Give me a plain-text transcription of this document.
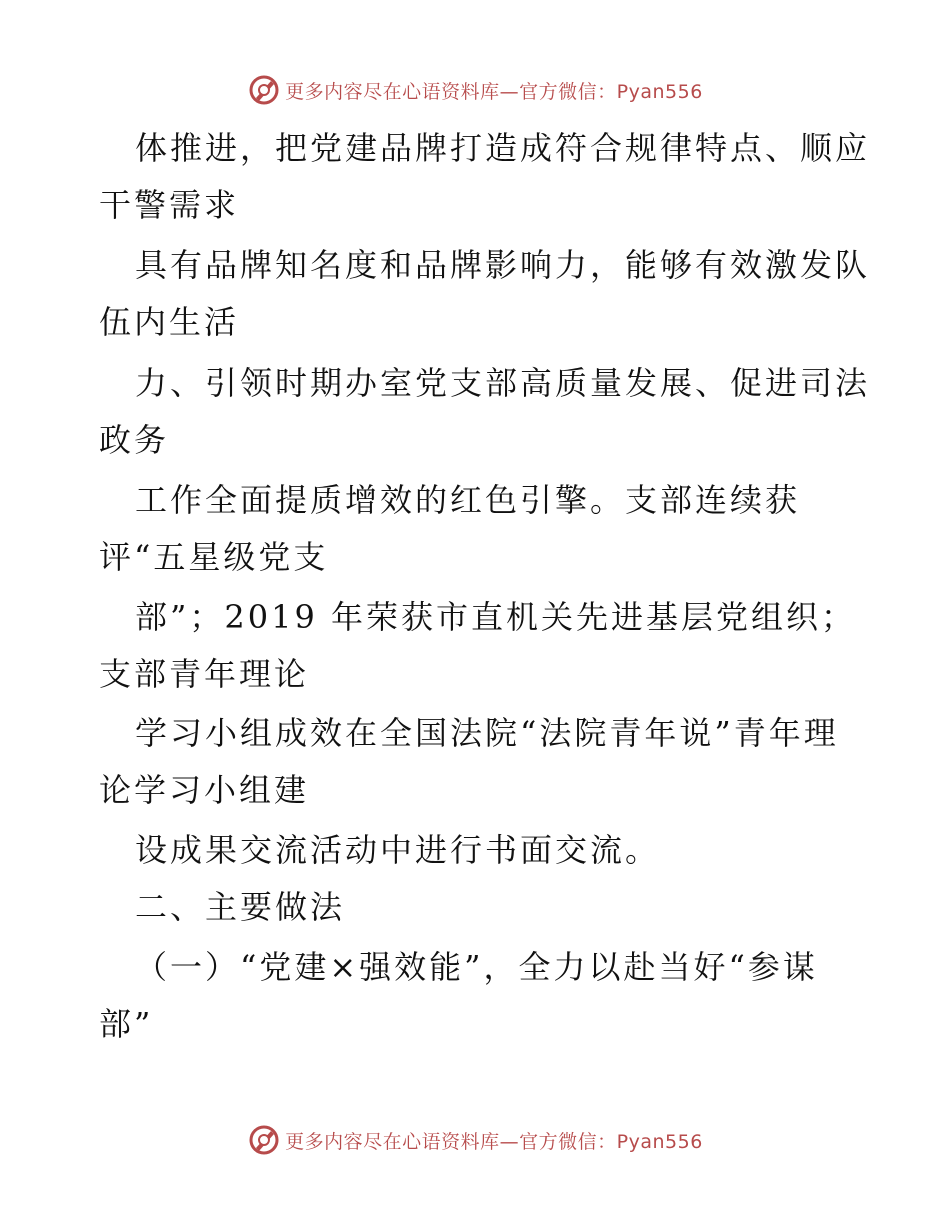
更多内容尽在心语资料库—官方微信：Pyan556
体推进，把党建品牌打造成符合规律特点、顺应
干警需求
具有品牌知名度和品牌影响力，能够有效激发队
伍内生活
力、引领时期办室党支部高质量发展、促进司法
政务
工作全面提质增效的红色引擎。支部连续获
评“五星级党支
部”；2019 年荣获市直机关先进基层党组织；
支部青年理论
学习小组成效在全国法院“法院青年说”青年理
论学习小组建
设成果交流活动中进行书面交流。
二、主要做法
（一）“党建×强效能”，全力以赴当好“参谋
部”
更多内容尽在心语资料库—官方微信：Pyan556
